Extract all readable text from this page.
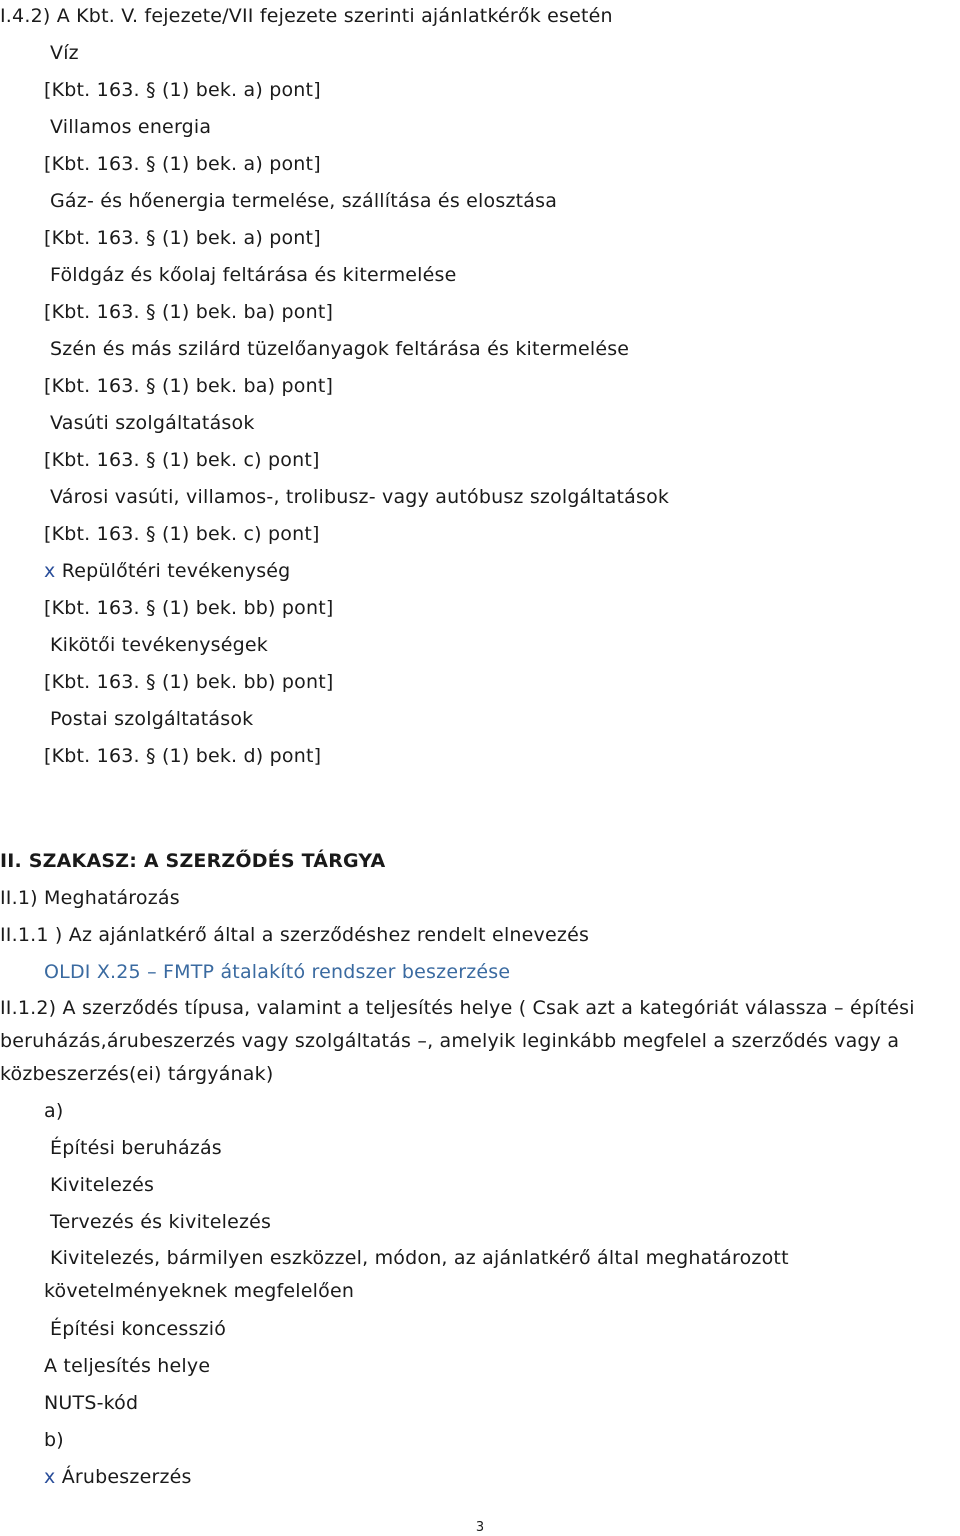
I.4.2) A Kbt. V. fejezete/VII fejezete szerinti ajánlatkérők esetén
Víz
[Kbt. 163. § (1) bek. a) pont]
Villamos energia
[Kbt. 163. § (1) bek. a) pont]
Gáz- és hőenergia termelése, szállítása és elosztása
[Kbt. 163. § (1) bek. a) pont]
Földgáz és kőolaj feltárása és kitermelése
[Kbt. 163. § (1) bek. ba) pont]
Szén és más szilárd tüzelőanyagok feltárása és kitermelése
[Kbt. 163. § (1) bek. ba) pont]
Vasúti szolgáltatások
[Kbt. 163. § (1) bek. c) pont]
Városi vasúti, villamos-, trolibusz- vagy autóbusz szolgáltatások
[Kbt. 163. § (1) bek. c) pont]
x Repülőtéri tevékenység
[Kbt. 163. § (1) bek. bb) pont]
Kikötői tevékenységek
[Kbt. 163. § (1) bek. bb) pont]
Postai szolgáltatások
[Kbt. 163. § (1) bek. d) pont]
II. SZAKASZ: A SZERZŐDÉS TÁRGYA
II.1) Meghatározás
II.1.1 ) Az ajánlatkérő által a szerződéshez rendelt elnevezés
OLDI X.25 – FMTP átalakító rendszer beszerzése
II.1.2) A szerződés típusa, valamint a teljesítés helye ( Csak azt a kategóriát válassza – építési beruházás,árubeszerzés vagy szolgáltatás –, amelyik leginkább megfelel a szerződés vagy a közbeszerzés(ei) tárgyának)
a)
Építési beruházás
Kivitelezés
Tervezés és kivitelezés
Kivitelezés, bármilyen eszközzel, módon, az ajánlatkérő által meghatározott követelményeknek megfelelően
Építési koncesszió
A teljesítés helye
NUTS-kód
b)
x Árubeszerzés
3
